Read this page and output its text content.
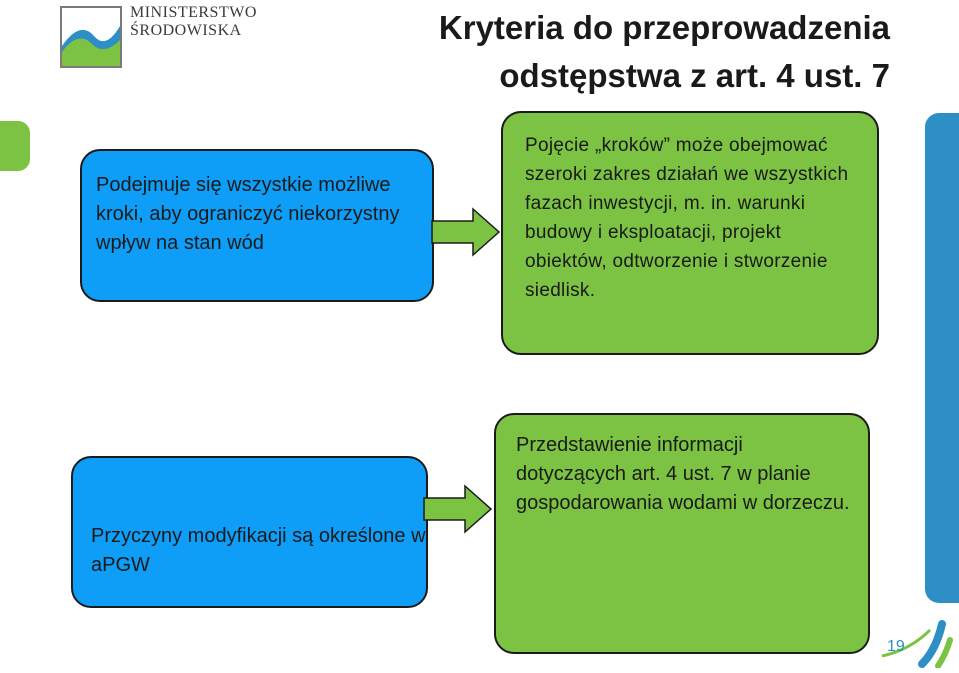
MINISTERSTWO
ŚRODOWISKA	Kryteria do przeprowadzenia
odstępstwa z art. 4 ust. 7
Podejmuje się wszystkie możliwe kroki, aby ograniczyć niekorzystny wpływ na stan wód
Pojęcie „kroków” może obejmować szeroki zakres działań we wszystkich fazach inwestycji, m. in. warunki budowy i eksploatacji, projekt obiektów, odtworzenie i stworzenie siedlisk.
Przyczyny modyfikacji są określone w aPGW
Przedstawienie informacji dotyczących art. 4 ust. 7 w planie gospodarowania wodami w dorzeczu.
19
